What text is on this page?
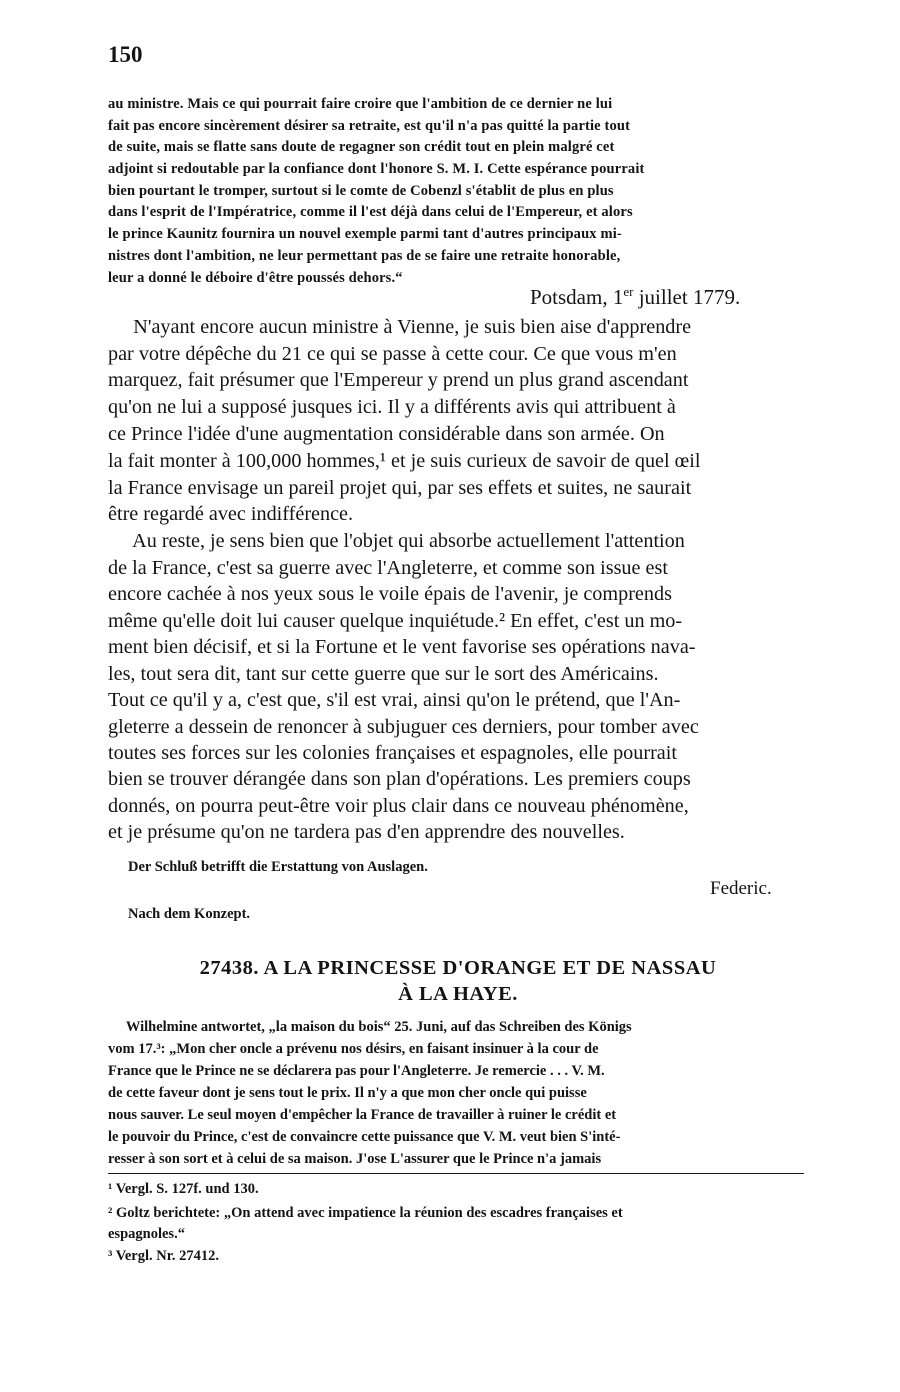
150
au ministre. Mais ce qui pourrait faire croire que l'ambition de ce dernier ne lui
fait pas encore sincèrement désirer sa retraite, est qu'il n'a pas quitté la partie tout
de suite, mais se flatte sans doute de regagner son crédit tout en plein malgré cet
adjoint si redoutable par la confiance dont l'honore S. M. I. Cette espérance pourrait
bien pourtant le tromper, surtout si le comte de Cobenzl s'établit de plus en plus
dans l'esprit de l'Impératrice, comme il l'est déjà dans celui de l'Empereur, et alors
le prince Kaunitz fournira un nouvel exemple parmi tant d'autres principaux mi-
nistres dont l'ambition, ne leur permettant pas de se faire une retraite honorable,
leur a donné le déboire d'être poussés dehors.“
Potsdam, 1er juillet 1779.
N'ayant encore aucun ministre à Vienne, je suis bien aise d'apprendre
par votre dépêche du 21 ce qui se passe à cette cour. Ce que vous m'en
marquez, fait présumer que l'Empereur y prend un plus grand ascendant
qu'on ne lui a supposé jusques ici. Il y a différents avis qui attribuent à
ce Prince l'idée d'une augmentation considérable dans son armée. On
la fait monter à 100,000 hommes,¹ et je suis curieux de savoir de quel œil
la France envisage un pareil projet qui, par ses effets et suites, ne saurait
être regardé avec indifférence.
Au reste, je sens bien que l'objet qui absorbe actuellement l'attention
de la France, c'est sa guerre avec l'Angleterre, et comme son issue est
encore cachée à nos yeux sous le voile épais de l'avenir, je comprends
même qu'elle doit lui causer quelque inquiétude.² En effet, c'est un mo-
ment bien décisif, et si la Fortune et le vent favorise ses opérations nava-
les, tout sera dit, tant sur cette guerre que sur le sort des Américains.
Tout ce qu'il y a, c'est que, s'il est vrai, ainsi qu'on le prétend, que l'An-
gleterre a dessein de renoncer à subjuguer ces derniers, pour tomber avec
toutes ses forces sur les colonies françaises et espagnoles, elle pourrait
bien se trouver dérangée dans son plan d'opérations. Les premiers coups
donnés, on pourra peut-être voir plus clair dans ce nouveau phénomène,
et je présume qu'on ne tardera pas d'en apprendre des nouvelles.
Der Schluß betrifft die Erstattung von Auslagen.
Federic.
Nach dem Konzept.
27438. A LA PRINCESSE D'ORANGE ET DE NASSAU
À LA HAYE.
Wilhelmine antwortet, „la maison du bois“ 25. Juni, auf das Schreiben des Königs
vom 17.³: „Mon cher oncle a prévenu nos désirs, en faisant insinuer à la cour de
France que le Prince ne se déclarera pas pour l'Angleterre. Je remercie . . . V. M.
de cette faveur dont je sens tout le prix. Il n'y a que mon cher oncle qui puisse
nous sauver. Le seul moyen d'empêcher la France de travailler à ruiner le crédit et
le pouvoir du Prince, c'est de convaincre cette puissance que V. M. veut bien S'inté-
resser à son sort et à celui de sa maison. J'ose L'assurer que le Prince n'a jamais
¹ Vergl. S. 127f. und 130.
² Goltz berichtete: „On attend avec impatience la réunion des escadres françaises et
espagnoles.“
³ Vergl. Nr. 27412.
